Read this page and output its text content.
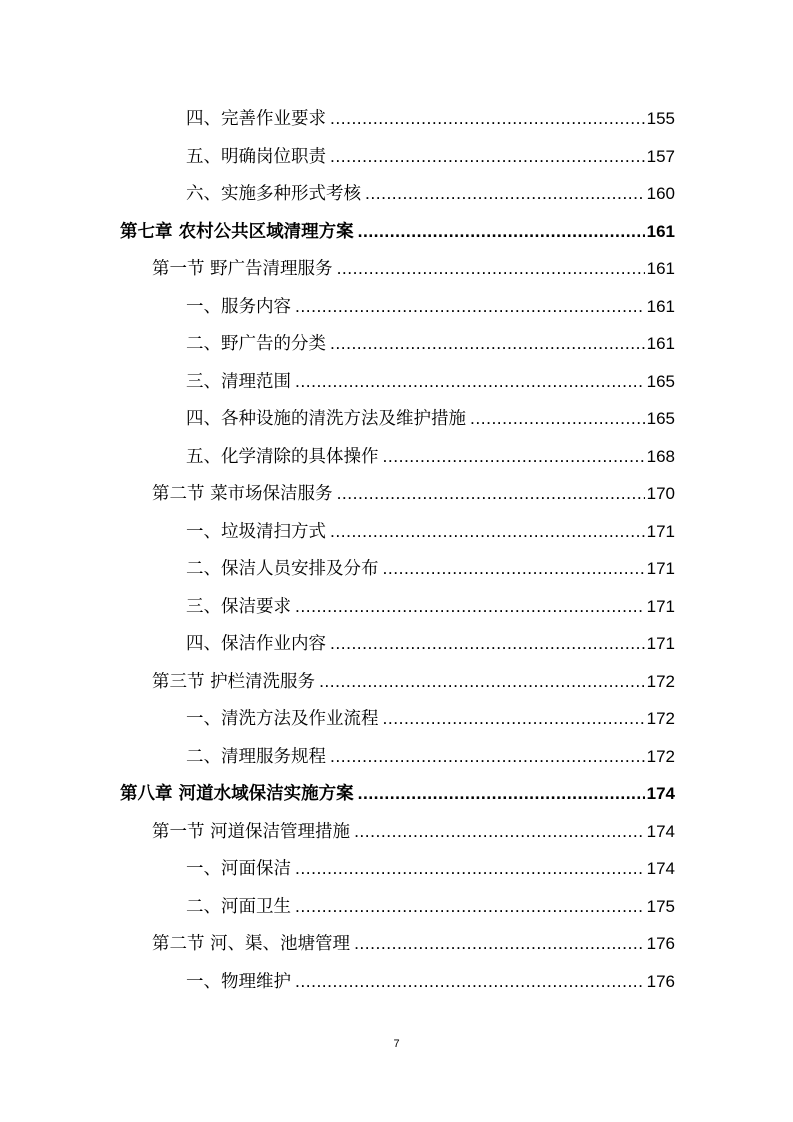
四、完善作业要求 .....	155
五、明确岗位职责 .....	157
六、实施多种形式考核 .....	160
第七章 农村公共区域清理方案 .....	161
第一节 野广告清理服务 .....	161
一、服务内容 .....	161
二、野广告的分类 .....	161
三、清理范围 .....	165
四、各种设施的清洗方法及维护措施 .....	165
五、化学清除的具体操作 .....	168
第二节 菜市场保洁服务 .....	170
一、垃圾清扫方式 .....	171
二、保洁人员安排及分布 .....	171
三、保洁要求 .....	171
四、保洁作业内容 .....	171
第三节 护栏清洗服务 .....	172
一、清洗方法及作业流程 .....	172
二、清理服务规程 .....	172
第八章 河道水域保洁实施方案 .....	174
第一节 河道保洁管理措施 .....	174
一、河面保洁 .....	174
二、河面卫生 .....	175
第二节 河、渠、池塘管理 .....	176
一、物理维护 .....	176
7
